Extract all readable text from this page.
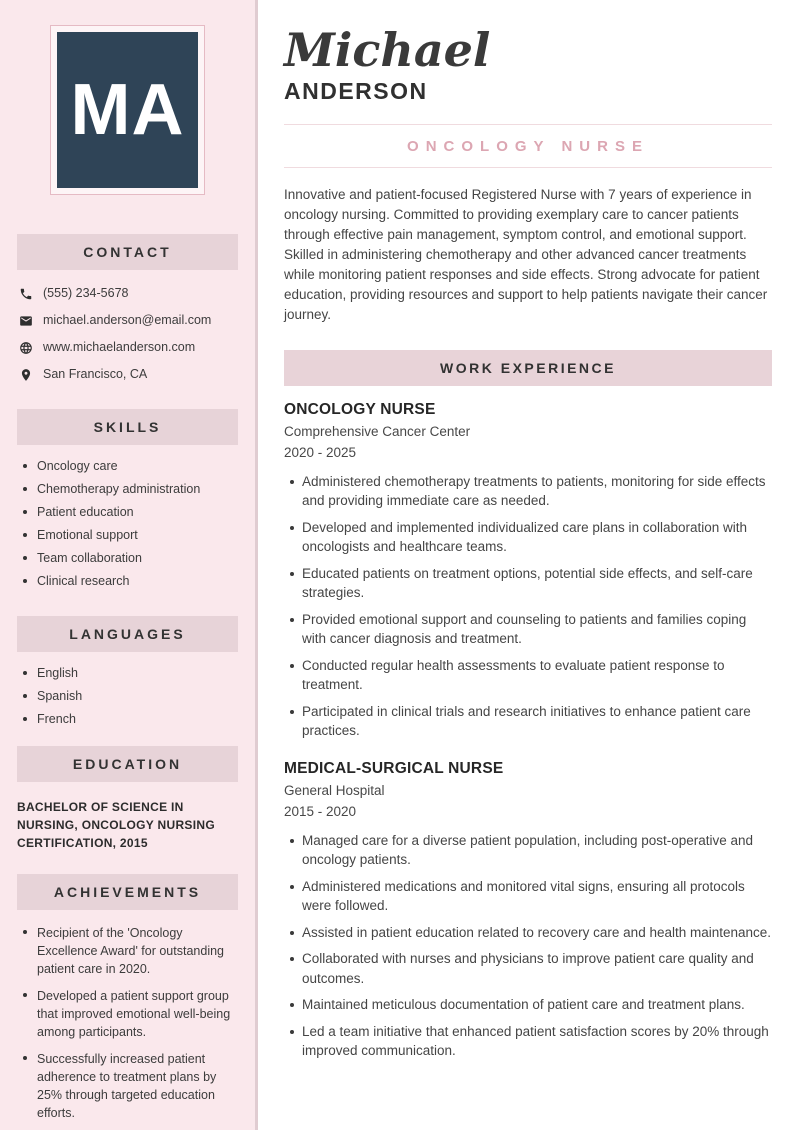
MA
CONTACT
(555) 234-5678
michael.anderson@email.com
www.michaelanderson.com
San Francisco, CA
SKILLS
Oncology care
Chemotherapy administration
Patient education
Emotional support
Team collaboration
Clinical research
LANGUAGES
English
Spanish
French
EDUCATION
BACHELOR OF SCIENCE IN NURSING, ONCOLOGY NURSING CERTIFICATION, 2015
ACHIEVEMENTS
Recipient of the 'Oncology Excellence Award' for outstanding patient care in 2020.
Developed a patient support group that improved emotional well-being among participants.
Successfully increased patient adherence to treatment plans by 25% through targeted education efforts.
Michael
ANDERSON
ONCOLOGY NURSE

Innovative and patient-focused Registered Nurse with 7 years of experience in oncology nursing. Committed to providing exemplary care to cancer patients through effective pain management, symptom control, and emotional support. Skilled in administering chemotherapy and other advanced cancer treatments while monitoring patient responses and side effects. Strong advocate for patient education, providing resources and support to help patients navigate their cancer journey.

WORK EXPERIENCE
ONCOLOGY NURSE
Comprehensive Cancer Center
2020 - 2025
Administered chemotherapy treatments to patients, monitoring for side effects and providing immediate care as needed.
Developed and implemented individualized care plans in collaboration with oncologists and healthcare teams.
Educated patients on treatment options, potential side effects, and self-care strategies.
Provided emotional support and counseling to patients and families coping with cancer diagnosis and treatment.
Conducted regular health assessments to evaluate patient response to treatment.
Participated in clinical trials and research initiatives to enhance patient care practices.
MEDICAL-SURGICAL NURSE
General Hospital
2015 - 2020
Managed care for a diverse patient population, including post-operative and oncology patients.
Administered medications and monitored vital signs, ensuring all protocols were followed.
Assisted in patient education related to recovery care and health maintenance.
Collaborated with nurses and physicians to improve patient care quality and outcomes.
Maintained meticulous documentation of patient care and treatment plans.
Led a team initiative that enhanced patient satisfaction scores by 20% through improved communication.
